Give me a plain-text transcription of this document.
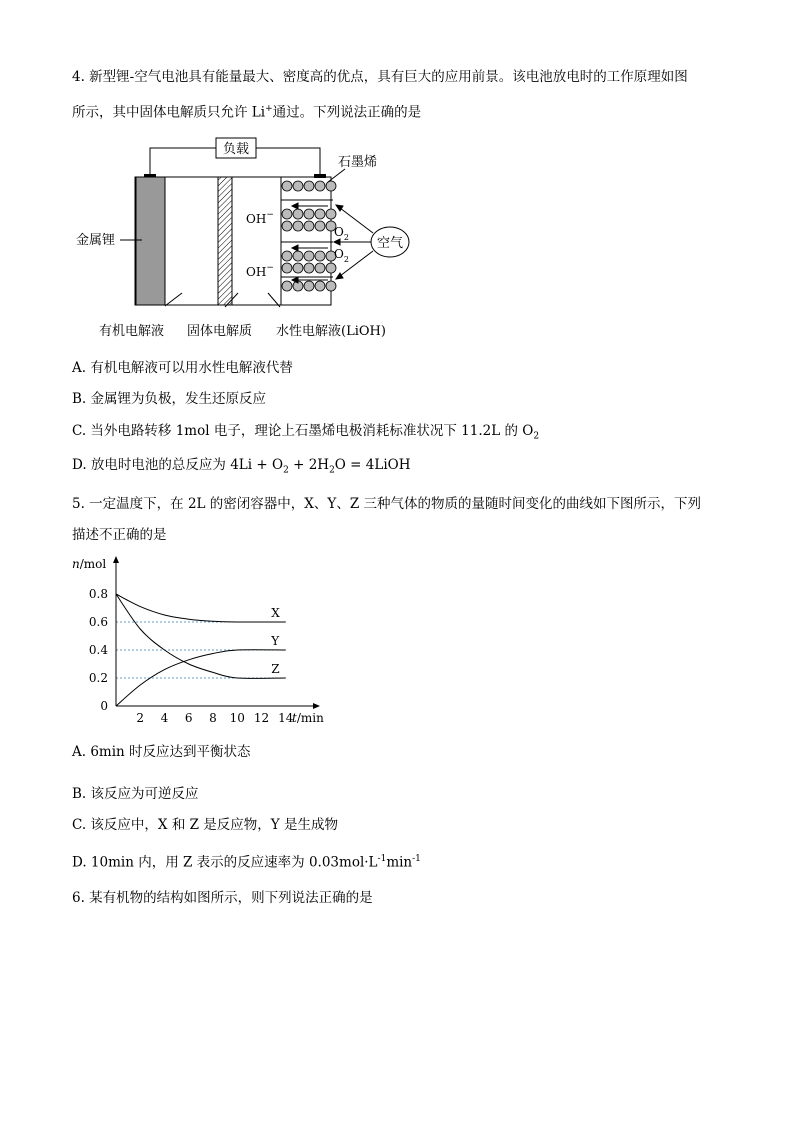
4. 新型锂-空气电池具有能量最大、密度高的优点，具有巨大的应用前景。该电池放电时的工作原理如图
所示，其中固体电解质只允许 Li+通过。下列说法正确的是
负载
石墨烯
OH−
OH−
$O_2$
$O_2$
空气
金属锂
有机电解液 固体电解质 水性电解液(LiOH)
A. 有机电解液可以用水性电解液代替
B. 金属锂为负极，发生还原反应
C. 当外电路转移 1mol 电子，理论上石墨烯电极消耗标准状况下 11.2L 的 $O_2$
D. 放电时电池的总反应为 $4Li + O_2 + 2H_2O$ = 4LiOH
5. 一定温度下，在 2L 的密闭容器中，X、Y、Z 三种气体的物质的量随时间变化的曲线如下图所示，下列
描述不正确的是
2 4 6 8 10 12 14
0.8
0.6
0.4
0.2
0
n/mol
t/min
X
Y
Z
A. 6min 时反应达到平衡状态
B. 该反应为可逆反应
C. 该反应中，X 和 Z 是反应物，Y 是生成物
D. 10min 内，用 Z 表示的反应速率为 $0.03mol\cdot L^{-1}\min^{-1}$
6. 某有机物的结构如图所示，则下列说法正确的是
